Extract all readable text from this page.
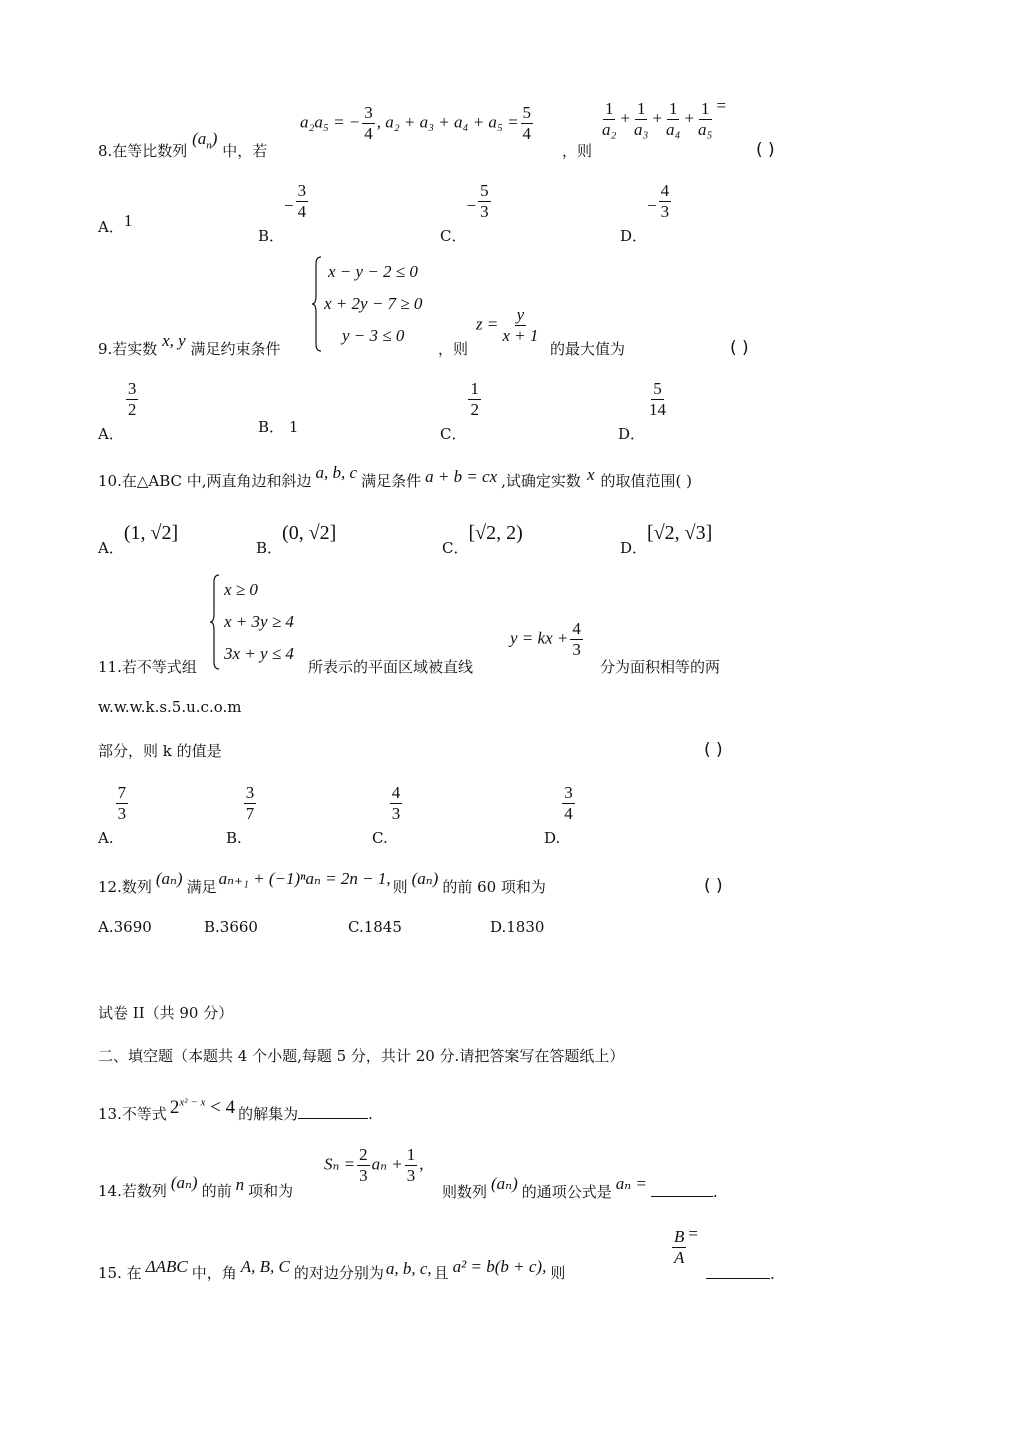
8.在等比数列 $(a_n)$ 中，若
a₂a₅ = − $\frac{3}{4}$ , $a_2 + a_3 + a_4 + a_5 = \frac{5}{4}$
，则
$\frac{1}{\text{a₂}} + \frac{1}{\text{a₃}} + \frac{1}{\text{a₄}} + \frac{1}{\text{a₅}}$ =
( )
A．1
B．− $\frac{3}{4}$
C．− $\frac{5}{3}$
D．− $\frac{4}{3}$
9.若实数 x, y 满足约束条件
x − y − 2 ≤ 0
x + 2y − 7 ≥ 0
y − 3 ≤ 0
，则
$z = \frac{y}{x + 1}$
的最大值为	( )
A．
$\frac{3}{2}$
B． 1	C．
$\frac{1}{2}$
D．
$\frac{5}{14}$
10.在△ABC 中,两直角边和斜边 a, b, c 满足条件 a + b = cx ,试确定实数 x 的取值范围( )
A．(1, √2]
B．(0, √2]
C．[√2, 2)
D．[√2, √3]
11.若不等式组
x ≥ 0
x + 3y ≥ 4
3x + y ≤ 4
所表示的平面区域被直线
y = kx + $\frac{4}{3}$
分为面积相等的两
w.w.w.k.s.5.u.c.o.m
部分，则 k 的值是	( )
A.
$\frac{7}{3}$
B.
$\frac{3}{7}$
C.
$\frac{4}{3}$
D.
$\frac{3}{4}$
12.数列 (aₙ) 满足 aₙ₊₁ + (−1)ⁿaₙ = 2n − 1, 则 (aₙ) 的前 60 项和为	( )
A.3690	B.3660	C.1845	D.1830
试卷 II（共 90 分）
二、填空题（本题共 4 个小题,每题 5 分，共计 20 分.请把答案写在答题纸上）
13.不等式 $2^{x^2 - x} < 4$ 的解集为	.
14.若数列 (aₙ) 的前 n 项和为
$S_n = \frac{2}{3}$ $a_n + \frac{1}{3}$ ,
则数列 (aₙ) 的通项公式是 aₙ =	.
15. 在 ΔABC 中，角 A, B, C 的对边分别为 a, b, c, 且 a² = b(b + c), 则
$\frac{B}{A}$ =
.
